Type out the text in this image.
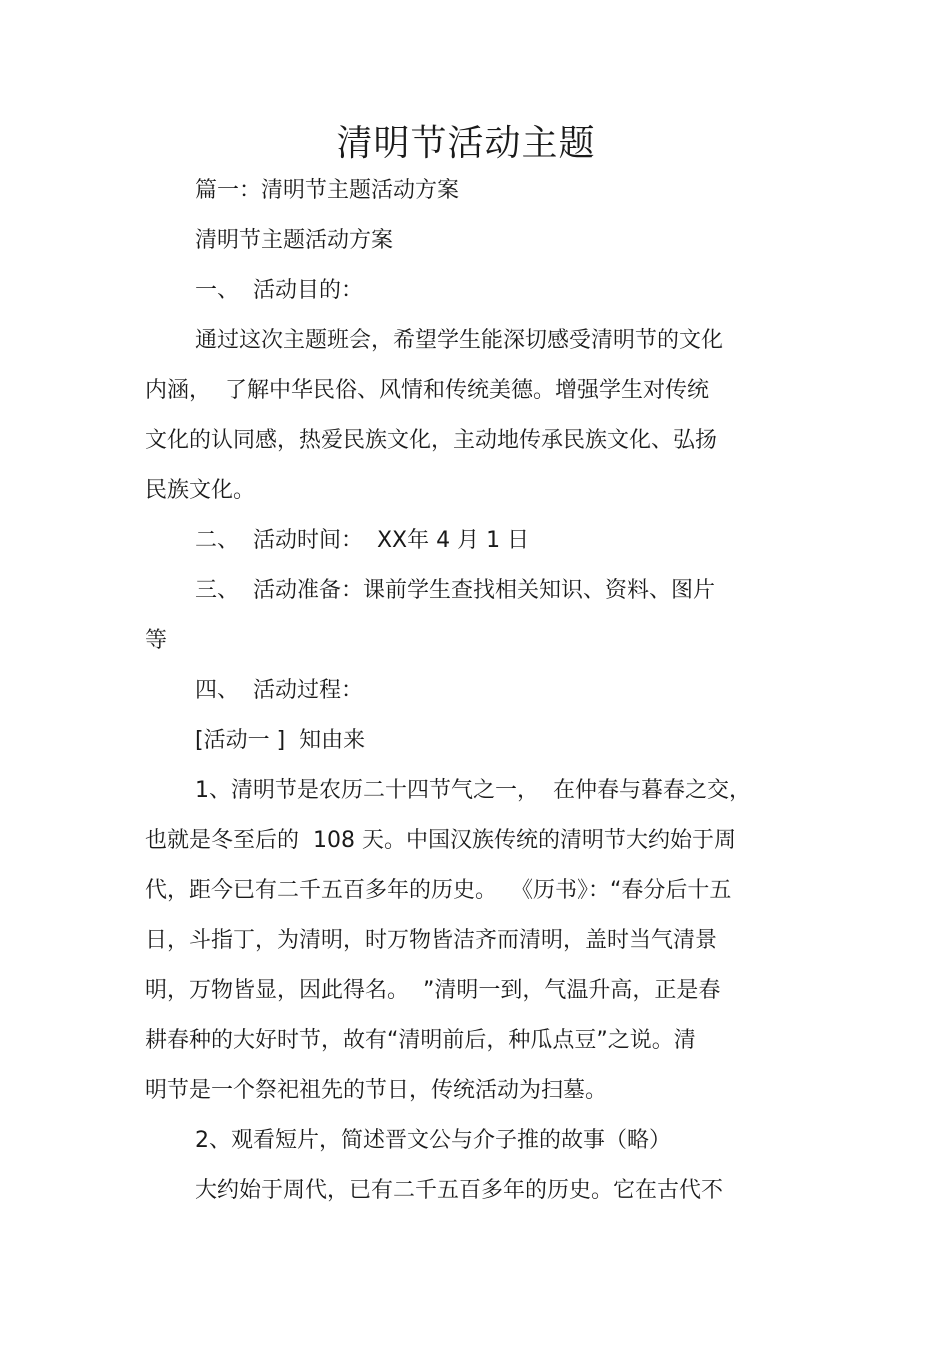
清明节活动主题
篇一：清明节主题活动方案
清明节主题活动方案
一、  活动目的：
通过这次主题班会，希望学生能深切感受清明节的文化
内涵，  了解中华民俗、风情和传统美德。增强学生对传统
文化的认同感，热爱民族文化，主动地传承民族文化、弘扬
民族文化。
二、  活动时间：  XX年 4 月 1 日
三、  活动准备：课前学生查找相关知识、资料、图片
等
四、  活动过程：
[活动一 ]  知由来
1、清明节是农历二十四节气之一，  在仲春与暮春之交，
也就是冬至后的  108 天。中国汉族传统的清明节大约始于周
代，距今已有二千五百多年的历史。  《历书》：“春分后十五
日，斗指丁，为清明，时万物皆洁齐而清明，盖时当气清景
明，万物皆显，因此得名。  ”清明一到，气温升高，正是春
耕春种的大好时节，故有“清明前后，种瓜点豆”之说。清
明节是一个祭祀祖先的节日，传统活动为扫墓。
2、观看短片，简述晋文公与介子推的故事（略）
大约始于周代，已有二千五百多年的历史。它在古代不
